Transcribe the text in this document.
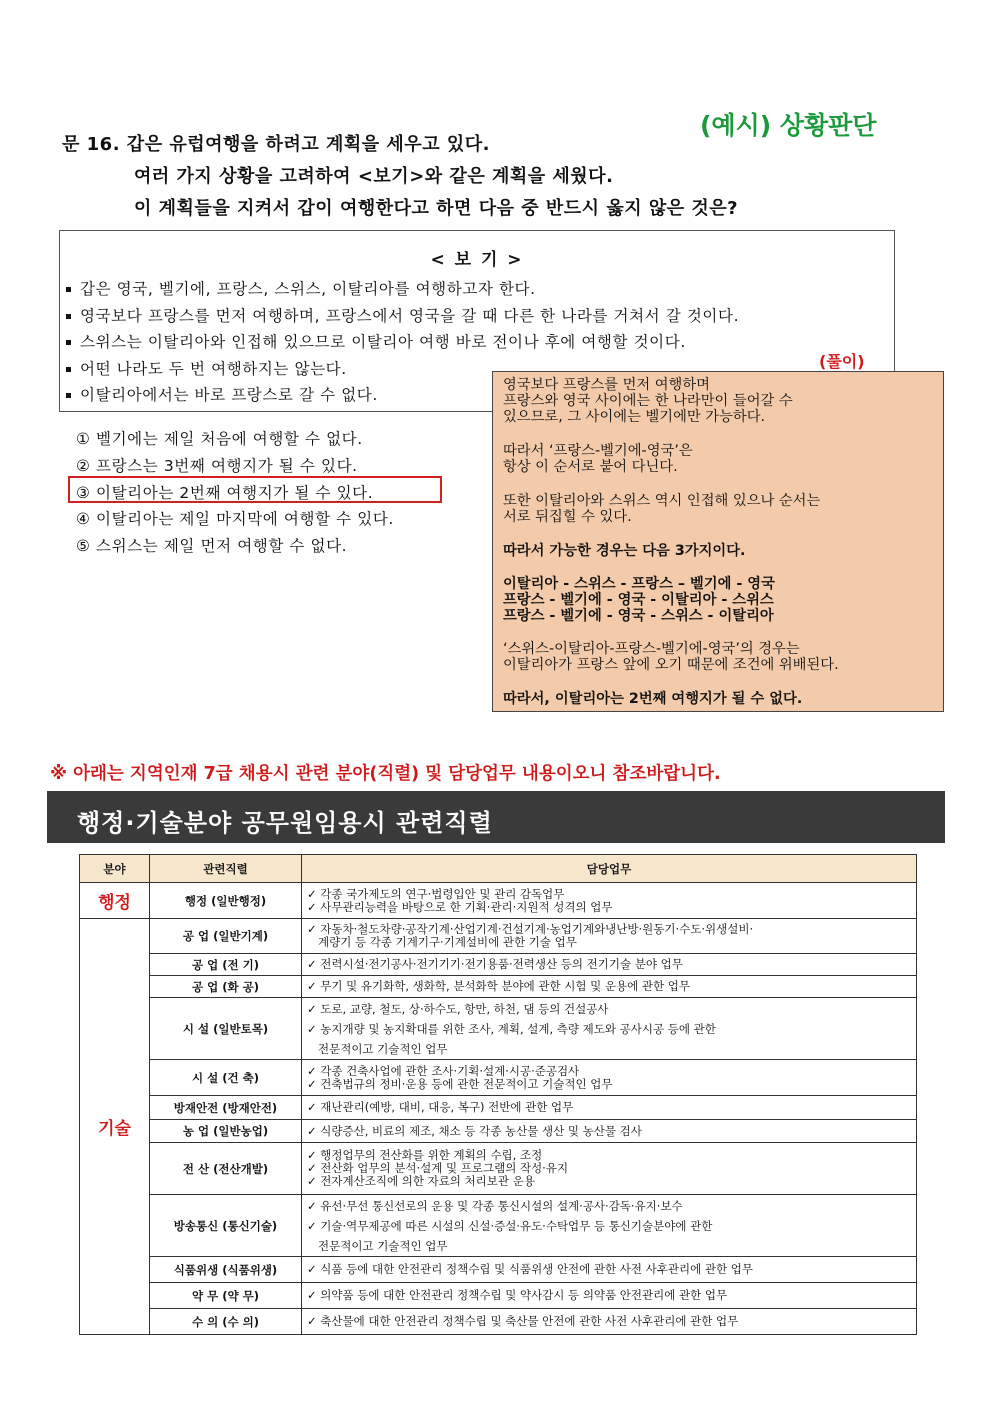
(예시) 상황판단
문 16. 갑은 유럽여행을 하려고 계획을 세우고 있다.
여러 가지 상황을 고려하여 <보기>와 같은 계획을 세웠다.
이 계획들을 지켜서 갑이 여행한다고 하면 다음 중 반드시 옳지 않은 것은?
< 보 기 >
갑은 영국, 벨기에, 프랑스, 스위스, 이탈리아를 여행하고자 한다.
영국보다 프랑스를 먼저 여행하며, 프랑스에서 영국을 갈 때 다른 한 나라를 거쳐서 갈 것이다.
스위스는 이탈리아와 인접해 있으므로 이탈리아 여행 바로 전이나 후에 여행할 것이다.
어떤 나라도 두 번 여행하지는 않는다.
이탈리아에서는 바로 프랑스로 갈 수 없다.
(풀이)
영국보다 프랑스를 먼저 여행하며
프랑스와 영국 사이에는 한 나라만이 들어갈 수
있으므로, 그 사이에는 벨기에만 가능하다.
따라서 ‘프랑스-벨기에-영국’은
항상 이 순서로 붙어 다닌다.
또한 이탈리아와 스위스 역시 인접해 있으나 순서는
서로 뒤집힐 수 있다.
따라서 가능한 경우는 다음 3가지이다.
이탈리아 - 스위스 - 프랑스 – 벨기에 - 영국
프랑스 - 벨기에 - 영국 - 이탈리아 - 스위스
프랑스 - 벨기에 - 영국 - 스위스 - 이탈리아
‘스위스-이탈리아-프랑스-벨기에-영국’의 경우는
이탈리아가 프랑스 앞에 오기 때문에 조건에 위배된다.
따라서, 이탈리아는 2번째 여행지가 될 수 없다.
① 벨기에는 제일 처음에 여행할 수 없다.
② 프랑스는 3번째 여행지가 될 수 있다.
③ 이탈리아는 2번째 여행지가 될 수 있다.
④ 이탈리아는 제일 마지막에 여행할 수 있다.
⑤ 스위스는 제일 먼저 여행할 수 없다.
※ 아래는 지역인재 7급 채용시 관련 분야(직렬) 및 담당업무 내용이오니 참조바랍니다.
행정·기술분야 공무원임용시 관련직렬
분야	관련직렬	담당업무
행정	행정 (일반행정)	✓ 각종 국가제도의 연구·법령입안 및 관리 감독업무
✓ 사무관리능력을 바탕으로 한 기획·관리·지원적 성격의 업무

기술	공 업 (일반기계)	✓ 자동차·철도차량·공작기계·산업기계·건설기계·농업기계와냉난방·원동기·수도·위생설비·
계량기 등 각종 기계기구·기계설비에 관한 기술 업무

	공 업 (전 기)	✓ 전력시설·전기공사·전기기기·전기용품·전력생산 등의 전기기술 분야 업무

	공 업 (화 공)	✓ 무기 및 유기화학, 생화학, 분석화학 분야에 관한 시험 및 운용에 관한 업무

	시 설 (일반토목)	✓ 도로, 교량, 철도, 상·하수도, 항만, 하천, 댐 등의 건설공사
✓ 농지개량 및 농지확대를 위한 조사, 계획, 설계, 측량 제도와 공사시공 등에 관한
전문적이고 기술적인 업무

	시 설 (건 축)	✓ 각종 건축사업에 관한 조사·기획·설계·시공·준공검사
✓ 건축법규의 정비·운용 등에 관한 전문적이고 기술적인 업무

	방재안전 (방재안전)	✓ 재난관리(예방, 대비, 대응, 복구) 전반에 관한 업무

	농 업 (일반농업)	✓ 식량증산, 비료의 제조, 채소 등 각종 농산물 생산 및 농산물 검사

	전 산 (전산개발)	✓ 행정업무의 전산화를 위한 계획의 수립, 조정
✓ 전산화 업무의 분석·설계 및 프로그램의 작성·유지
✓ 전자계산조직에 의한 자료의 처리보관 운용

	방송통신 (통신기술)	✓ 유선·무선 통신선로의 운용 및 각종 통신시설의 설계·공사·감독·유지·보수
✓ 기술·역무제공에 따른 시설의 신설·증설·유도·수탁업무 등 통신기술분야에 관한
전문적이고 기술적인 업무

	식품위생 (식품위생)	✓ 식품 등에 대한 안전관리 정책수립 및 식품위생 안전에 관한 사전 사후관리에 관한 업무

	약 무 (약 무)	✓ 의약품 등에 대한 안전관리 정책수립 및 약사감시 등 의약품 안전관리에 관한 업무

	수 의 (수 의)	✓ 축산물에 대한 안전관리 정책수립 및 축산물 안전에 관한 사전 사후관리에 관한 업무
